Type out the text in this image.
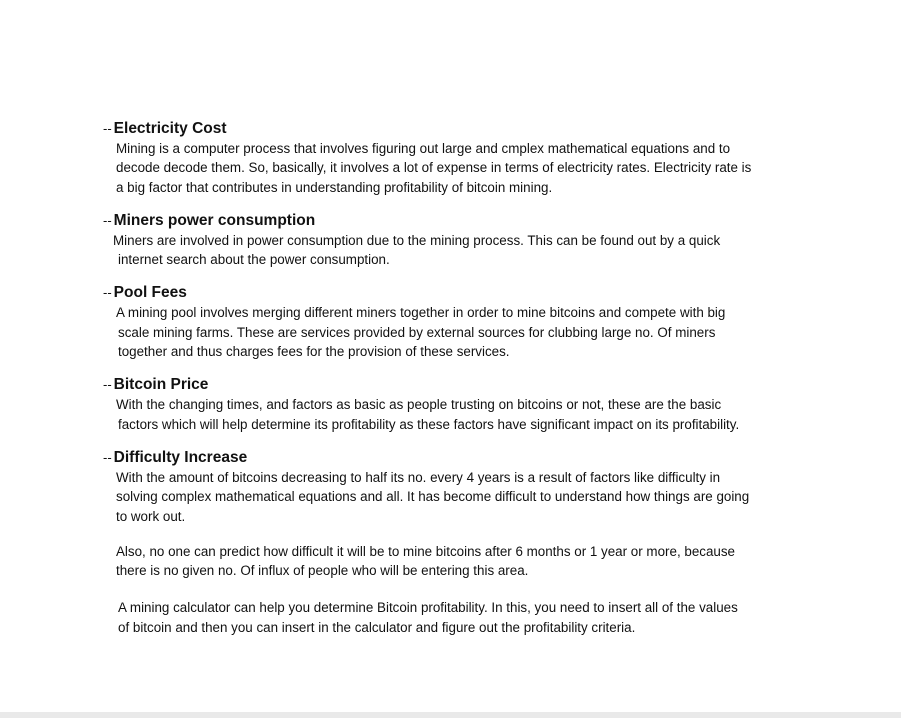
-- Electricity Cost
Mining is a computer process that involves figuring out large and cmplex mathematical equations and to
decode decode them. So, basically, it involves a lot of expense in terms of electricity rates. Electricity rate is
a big factor that contributes in understanding profitability of bitcoin mining.
-- Miners power consumption
Miners are involved in power consumption due to the mining process. This can be found out by a quick
internet search about the power consumption.
-- Pool Fees
A mining pool involves merging different miners together in order to mine bitcoins and compete with big
scale mining farms. These are services provided by external sources for clubbing large no. Of miners
together and thus charges fees for the provision of these services.
-- Bitcoin Price
With the changing times, and factors as basic as people trusting on bitcoins or not, these are the basic
factors which will help determine its profitability as these factors have significant impact on its profitability.
-- Difficulty Increase
With the amount of bitcoins decreasing to half its no. every 4 years is a result of factors like difficulty in
solving complex mathematical equations and all. It has become difficult to understand how things are going
to work out.
Also, no one can predict how difficult it will be to mine bitcoins after 6 months or 1 year or more, because
there is no given no. Of influx of people who will be entering this area.
A mining calculator can help you determine Bitcoin profitability. In this, you need to insert all of the values
of bitcoin and then you can insert in the calculator and figure out the profitability criteria.
